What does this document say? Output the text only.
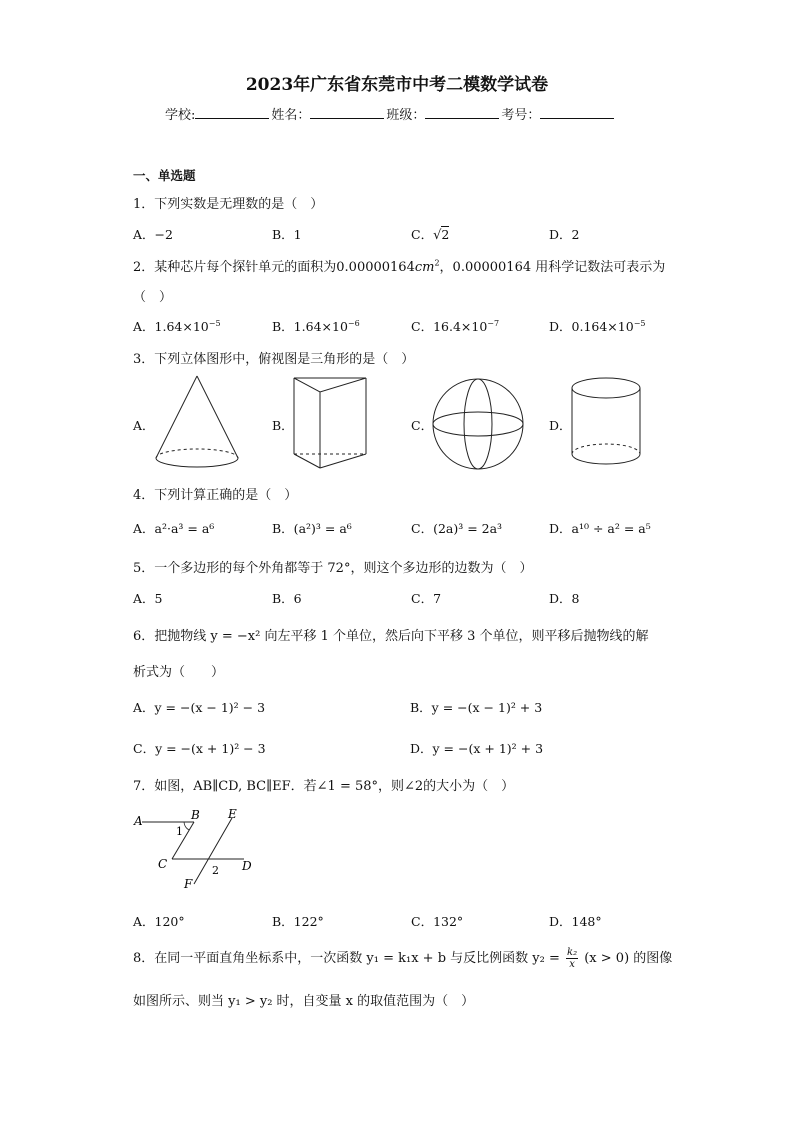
2023年广东省东莞市中考二模数学试卷
学校:	姓名：	班级：	考号：
一、单选题
1．下列实数是无理数的是（　）
A．−2	B．1	C．√2	D．2
2．某种芯片每个探针单元的面积为$0.00000164cm^2$，0.00000164 用科学记数法可表示为
（　）
A．$1.64\times 10^{-5}$	B．$1.64\times 10^{-6}$	C．$16.4\times 10^{-7}$	D．$0.164\times 10^{-5}$
3．下列立体图形中，俯视图是三角形的是（　）
A．	B．	C．	D．
4．下列计算正确的是（　）
A．a²·a³ = a⁶	B．(a²)³ = a⁶	C．(2a)³ = 2a³	D．a¹⁰ ÷ a² = a⁵
5．一个多边形的每个外角都等于 72°，则这个多边形的边数为（　）
A．5	B．6	C．7	D．8
6．把抛物线 y = −x² 向左平移 1 个单位，然后向下平移 3 个单位，则平移后抛物线的解
析式为（　　）
A．y = −(x − 1)² − 3	B．y = −(x − 1)² + 3
C．y = −(x + 1)² − 3	D．y = −(x + 1)² + 3
7．如图，AB∥CD, BC∥EF．若∠1 = 58°，则∠2的大小为（　）
A	B E
1
C	2 D
F
A．120°	B．122°	C．132°	D．148°
8．在同一平面直角坐标系中，一次函数 y₁ = k₁x + b 与反比例函数 $y_2 = \frac{\text{k₂}}{x} (x > 0)$ 的图像
如图所示、则当 y₁ > y₂ 时，自变量 x 的取值范围为（　）
